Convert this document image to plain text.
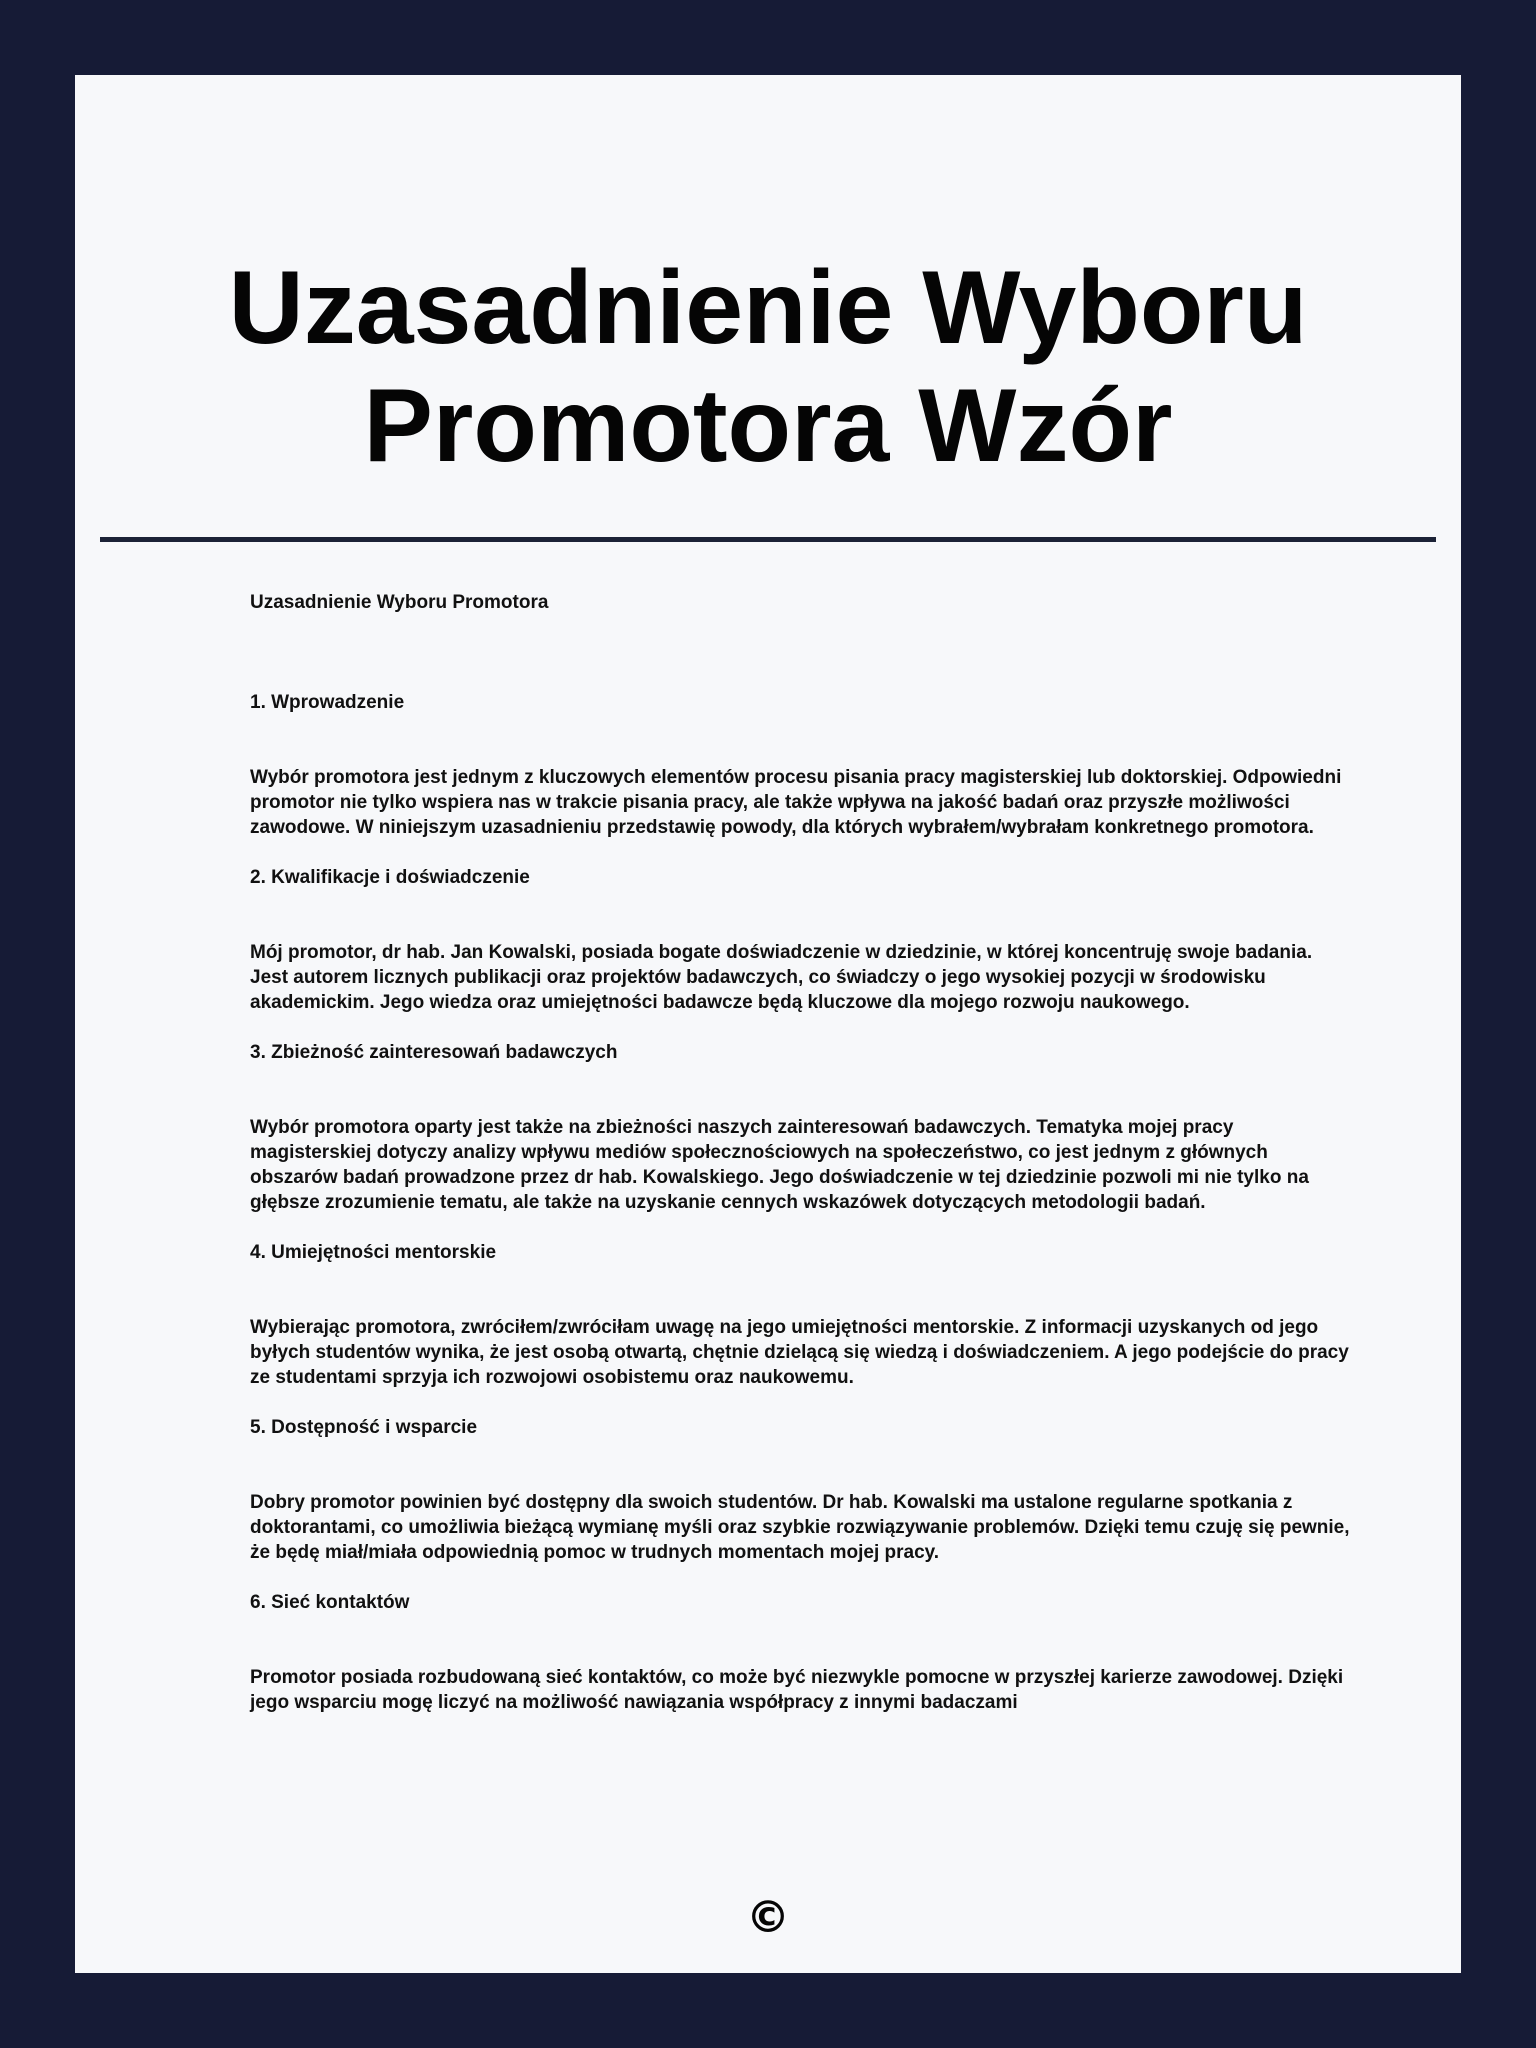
Uzasadnienie Wyboru
Promotora Wzór

Uzasadnienie Wyboru Promotora

1. Wprowadzenie

Wybór promotora jest jednym z kluczowych elementów procesu pisania pracy magisterskiej lub doktorskiej. Odpowiedni promotor nie tylko wspiera nas w trakcie pisania pracy, ale także wpływa na jakość badań oraz przyszłe możliwości zawodowe. W niniejszym uzasadnieniu przedstawię powody, dla których wybrałem/wybrałam konkretnego promotora.

2. Kwalifikacje i doświadczenie

Mój promotor, dr hab. Jan Kowalski, posiada bogate doświadczenie w dziedzinie, w której koncentruję swoje badania. Jest autorem licznych publikacji oraz projektów badawczych, co świadczy o jego wysokiej pozycji w środowisku akademickim. Jego wiedza oraz umiejętności badawcze będą kluczowe dla mojego rozwoju naukowego.

3. Zbieżność zainteresowań badawczych

Wybór promotora oparty jest także na zbieżności naszych zainteresowań badawczych. Tematyka mojej pracy magisterskiej dotyczy analizy wpływu mediów społecznościowych na społeczeństwo, co jest jednym z głównych obszarów badań prowadzone przez dr hab. Kowalskiego. Jego doświadczenie w tej dziedzinie pozwoli mi nie tylko na głębsze zrozumienie tematu, ale także na uzyskanie cennych wskazówek dotyczących metodologii badań.

4. Umiejętności mentorskie

Wybierając promotora, zwróciłem/zwróciłam uwagę na jego umiejętności mentorskie. Z informacji uzyskanych od jego byłych studentów wynika, że jest osobą otwartą, chętnie dzielącą się wiedzą i doświadczeniem. A jego podejście do pracy ze studentami sprzyja ich rozwojowi osobistemu oraz naukowemu.

5. Dostępność i wsparcie

Dobry promotor powinien być dostępny dla swoich studentów. Dr hab. Kowalski ma ustalone regularne spotkania z doktorantami, co umożliwia bieżącą wymianę myśli oraz szybkie rozwiązywanie problemów. Dzięki temu czuję się pewnie, że będę miał/miała odpowiednią pomoc w trudnych momentach mojej pracy.

6. Sieć kontaktów

Promotor posiada rozbudowaną sieć kontaktów, co może być niezwykle pomocne w przyszłej karierze zawodowej. Dzięki jego wsparciu mogę liczyć na możliwość nawiązania współpracy z innymi badaczami

©
